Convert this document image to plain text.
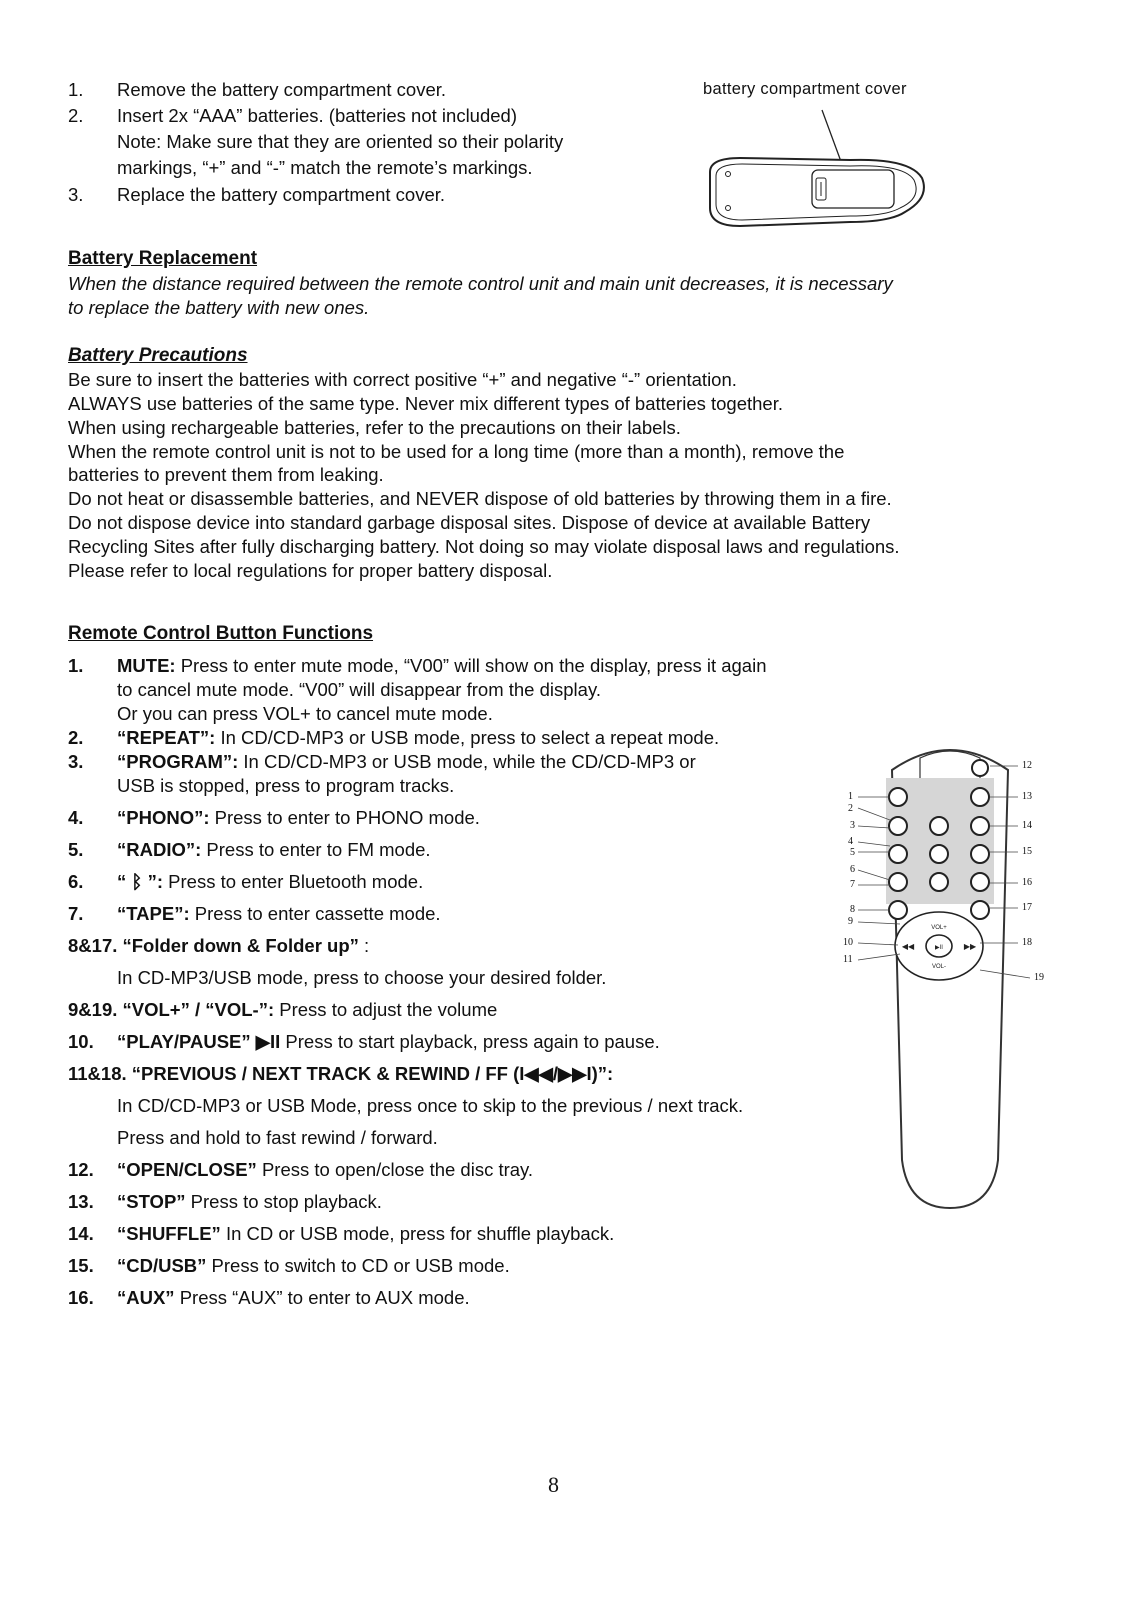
1. Remove the battery compartment cover.
2. Insert 2x “AAA” batteries. (batteries not included)
Note: Make sure that they are oriented so their polarity
markings, “+” and “-” match the remote’s markings.
3. Replace the battery compartment cover.
battery compartment cover
Battery Replacement
When the distance required between the remote control unit and main unit decreases, it is necessary
to replace the battery with new ones.
Battery Precautions
Be sure to insert the batteries with correct positive “+” and negative “-” orientation.
ALWAYS use batteries of the same type. Never mix different types of batteries together.
When using rechargeable batteries, refer to the precautions on their labels.
When the remote control unit is not to be used for a long time (more than a month), remove the
batteries to prevent them from leaking.
Do not heat or disassemble batteries, and NEVER dispose of old batteries by throwing them in a fire.
Do not dispose device into standard garbage disposal sites. Dispose of device at available Battery
Recycling Sites after fully discharging battery. Not doing so may violate disposal laws and regulations.
Please refer to local regulations for proper battery disposal.
Remote Control Button Functions
1. MUTE: Press to enter mute mode, “V00” will show on the display, press it again
to cancel mute mode. “V00” will disappear from the display.
Or you can press VOL+ to cancel mute mode.
2. “REPEAT”: In CD/CD-MP3 or USB mode, press to select a repeat mode.
3. “PROGRAM”: In CD/CD-MP3 or USB mode, while the CD/CD-MP3 or
USB is stopped, press to program tracks.
4. “PHONO”: Press to enter to PHONO mode.
5. “RADIO”: Press to enter to FM mode.
6. “ ᛒ ”: Press to enter Bluetooth mode.
7. “TAPE”: Press to enter cassette mode.
8&17. “Folder down & Folder up” :
In CD-MP3/USB mode, press to choose your desired folder.
9&19. “VOL+” / “VOL-”: Press to adjust the volume
10. “PLAY/PAUSE” ▶II Press to start playback, press again to pause.
11&18. “PREVIOUS / NEXT TRACK & REWIND / FF (I◀◀/▶▶I)”:
In CD/CD-MP3 or USB Mode, press once to skip to the previous / next track.
Press and hold to fast rewind / forward.
12. “OPEN/CLOSE” Press to open/close the disc tray.
13. “STOP” Press to stop playback.
14. “SHUFFLE” In CD or USB mode, press for shuffle playback.
15. “CD/USB” Press to switch to CD or USB mode.
16. “AUX” Press “AUX” to enter to AUX mode.
VOL+
VOL-
◀◀	▶▶
▶II
1
2
3
4
5
6
7
8
9
10
11
12
13
14
15
16
17
18
19
8
